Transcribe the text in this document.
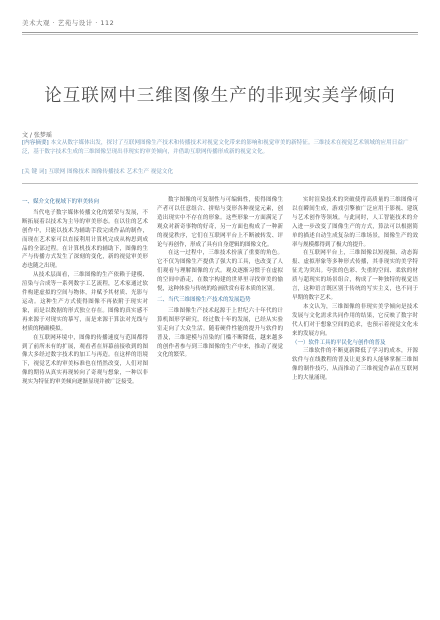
美术大观 · 艺苑与设计 · 112
论互联网中三维图像生产的非现实美学倾向
文 / 张梦瑶
[内容摘要] 本文从数字媒体出发，探讨了互联网图像生产技术和传播技术对视觉文化带来的影响和视觉审美的新特征。三维技术在视觉艺术领域的应用日益广泛，基于数字技术生成的三维图像呈现出非现实的审美倾向，并借助互联网传播形成新的视觉文化。
[关 键 词] 互联网 图像技术 图像传播技术 艺术生产 视觉文化
一、媒介文化视域下的审美转向

当代电子数字媒体传播文化的繁荣与发展，不断拓展着以技术为主导的审美形态。在以往的艺术创作中，只能以技术为辅助手段完成作品的制作，而现在艺术家可以直接利用计算机完成从构思到成品的全部过程。在计算机技术的辅助下，图像的生产与传播方式发生了深刻的变化，新的视觉审美形态也随之出现。

从技术层面看，三维图像的生产依赖于建模、渲染与合成等一系列数字工艺流程，艺术家通过软件构建虚拟的空间与物体，并赋予其材质、光影与运动。这种生产方式使得图像不再依附于现实对象，而是以数据的形式独立存在。图像的真实感不再来源于对现实的摹写，而是来源于算法对光线与材质的精确模拟。

在互联网环境中，图像的传播速度与范围都得到了前所未有的扩展，观看者在屏幕前接收到的图像大多经过数字技术的加工与再造。在这样的语境下，视觉艺术的审美标准也在悄然改变，人们对图像的期待从真实再现转向了奇观与想象，一种以非现实为特征的审美倾向逐渐显现并被广泛接受。

数字图像的可复制性与可编辑性，使得图像生产者可以任意组合、拼贴与变形各种视觉元素，创造出现实中不存在的形象。这些形象一方面满足了观众对新奇事物的好奇，另一方面也构成了一种新的视觉秩序，它们在互联网平台上不断被转发、评论与再创作，形成了具有自身逻辑的图像文化。

在这一过程中，三维技术扮演了重要的角色。它不仅为图像生产提供了强大的工具，也改变了人们观看与理解图像的方式。观众逐渐习惯于在虚拟的空间中游走，在数字构建的世界里寻找审美的愉悦，这种体验与传统的绘画欣赏有着本质的区别。

二、当代三维图像生产技术的发展趋势

三维图像生产技术起源于上世纪六十年代的计算机图形学研究，经过数十年的发展，已经从实验室走向了大众生活。随着硬件性能的提升与软件的普及，三维建模与渲染的门槛不断降低，越来越多的创作者参与到三维图像的生产中来，推动了视觉文化的繁荣。

实时渲染技术的突破使得高质量的三维图像可以在瞬间生成，游戏引擎被广泛应用于影视、建筑与艺术创作等领域。与此同时，人工智能技术的介入进一步改变了图像生产的方式，算法可以根据简单的描述自动生成复杂的三维场景，图像生产的效率与规模都得到了极大的提升。

在互联网平台上，三维图像以短视频、动态海报、虚拟形象等多种形式传播，其非现实的美学特征尤为突出。夸张的色彩、失重的空间、柔软的材质与超现实的场景组合，构成了一种独特的视觉语言，这种语言既区别于传统的写实主义，也不同于早期的数字艺术。

本文认为，三维图像的非现实美学倾向是技术发展与文化需求共同作用的结果，它反映了数字时代人们对于想象空间的追求，也预示着视觉文化未来的发展方向。

（一）软件工具的平民化与创作的普及

三维软件的不断更新降低了学习的成本，开源软件与在线教程的普及让更多的人能够掌握三维图像的制作技巧，从而推动了三维视觉作品在互联网上的大量涌现。
